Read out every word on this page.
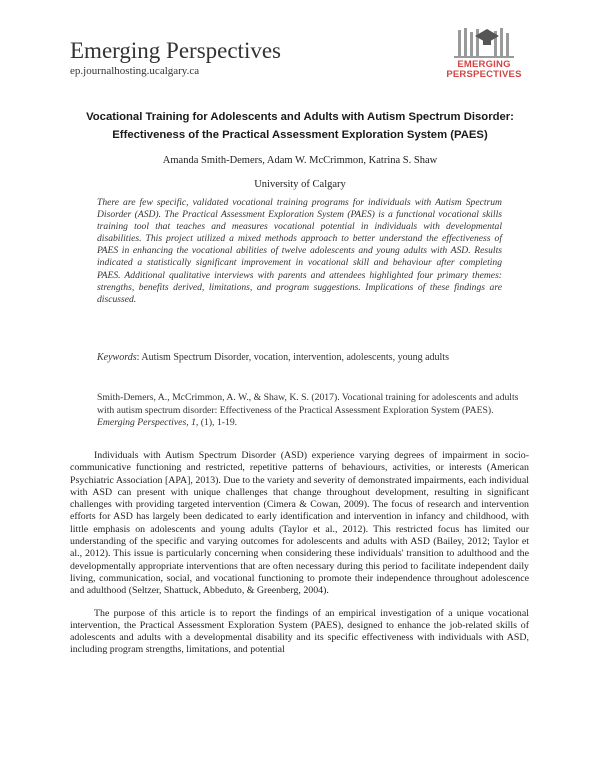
Emerging Perspectives
ep.journalhosting.ucalgary.ca
EMERGING
PERSPECTIVES
Vocational Training for Adolescents and Adults with Autism Spectrum Disorder: Effectiveness of the Practical Assessment Exploration System (PAES)
Amanda Smith-Demers, Adam W. McCrimmon, Katrina S. Shaw
University of Calgary
There are few specific, validated vocational training programs for individuals with Autism Spectrum Disorder (ASD). The Practical Assessment Exploration System (PAES) is a functional vocational skills training tool that teaches and measures vocational potential in individuals with developmental disabilities. This project utilized a mixed methods approach to better understand the effectiveness of PAES in enhancing the vocational abilities of twelve adolescents and young adults with ASD. Results indicated a statistically significant improvement in vocational skill and behaviour after completing PAES. Additional qualitative interviews with parents and attendees highlighted four primary themes: strengths, benefits derived, limitations, and program suggestions. Implications of these findings are discussed.
Keywords: Autism Spectrum Disorder, vocation, intervention, adolescents, young adults
Smith-Demers, A., McCrimmon, A. W., & Shaw, K. S. (2017). Vocational training for adolescents and adults with autism spectrum disorder: Effectiveness of the Practical Assessment Exploration System (PAES). Emerging Perspectives, 1, (1), 1-19.

Individuals with Autism Spectrum Disorder (ASD) experience varying degrees of impairment in socio-communicative functioning and restricted, repetitive patterns of behaviours, activities, or interests (American Psychiatric Association [APA], 2013). Due to the variety and severity of demonstrated impairments, each individual with ASD can present with unique challenges that change throughout development, resulting in significant challenges with providing targeted intervention (Cimera & Cowan, 2009). The focus of research and intervention efforts for ASD has largely been dedicated to early identification and intervention in infancy and childhood, with little emphasis on adolescents and young adults (Taylor et al., 2012). This restricted focus has limited our understanding of the specific and varying outcomes for adolescents and adults with ASD (Bailey, 2012; Taylor et al., 2012). This issue is particularly concerning when considering these individuals' transition to adulthood and the developmentally appropriate interventions that are often necessary during this period to facilitate independent daily living, communication, social, and vocational functioning to promote their independence throughout adolescence and adulthood (Seltzer, Shattuck, Abbeduto, & Greenberg, 2004).

The purpose of this article is to report the findings of an empirical investigation of a unique vocational intervention, the Practical Assessment Exploration System (PAES), designed to enhance the job-related skills of adolescents and adults with a developmental disability and its specific effectiveness with individuals with ASD, including program strengths, limitations, and potential
